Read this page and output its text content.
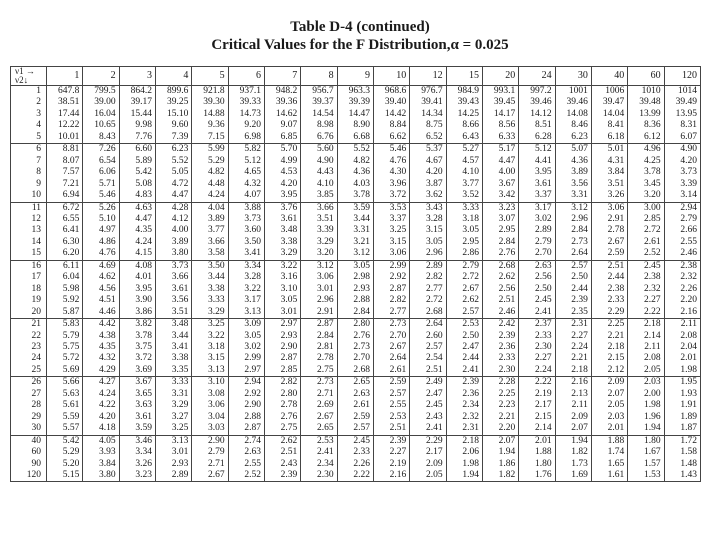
Table D-4 (continued)
Critical Values for the F Distribution,α = 0.025
ν1 →
ν2↓	1	2	3	4	5	6	7	8	9	10	12	15	20	24	30	40	60	120
1	647.8	799.5	864.2	899.6	921.8	937.1	948.2	956.7	963.3	968.6	976.7	984.9	993.1	997.2	1001	1006	1010	1014
2	38.51	39.00	39.17	39.25	39.30	39.33	39.36	39.37	39.39	39.40	39.41	39.43	39.45	39.46	39.46	39.47	39.48	39.49
3	17.44	16.04	15.44	15.10	14.88	14.73	14.62	14.54	14.47	14.42	14.34	14.25	14.17	14.12	14.08	14.04	13.99	13.95
4	12.22	10.65	9.98	9.60	9.36	9.20	9.07	8.98	8.90	8.84	8.75	8.66	8.56	8.51	8.46	8.41	8.36	8.31
5	10.01	8.43	7.76	7.39	7.15	6.98	6.85	6.76	6.68	6.62	6.52	6.43	6.33	6.28	6.23	6.18	6.12	6.07
6	8.81	7.26	6.60	6.23	5.99	5.82	5.70	5.60	5.52	5.46	5.37	5.27	5.17	5.12	5.07	5.01	4.96	4.90
7	8.07	6.54	5.89	5.52	5.29	5.12	4.99	4.90	4.82	4.76	4.67	4.57	4.47	4.41	4.36	4.31	4.25	4.20
8	7.57	6.06	5.42	5.05	4.82	4.65	4.53	4.43	4.36	4.30	4.20	4.10	4.00	3.95	3.89	3.84	3.78	3.73
9	7.21	5.71	5.08	4.72	4.48	4.32	4.20	4.10	4.03	3.96	3.87	3.77	3.67	3.61	3.56	3.51	3.45	3.39
10	6.94	5.46	4.83	4.47	4.24	4.07	3.95	3.85	3.78	3.72	3.62	3.52	3.42	3.37	3.31	3.26	3.20	3.14
11	6.72	5.26	4.63	4.28	4.04	3.88	3.76	3.66	3.59	3.53	3.43	3.33	3.23	3.17	3.12	3.06	3.00	2.94
12	6.55	5.10	4.47	4.12	3.89	3.73	3.61	3.51	3.44	3.37	3.28	3.18	3.07	3.02	2.96	2.91	2.85	2.79
13	6.41	4.97	4.35	4.00	3.77	3.60	3.48	3.39	3.31	3.25	3.15	3.05	2.95	2.89	2.84	2.78	2.72	2.66
14	6.30	4.86	4.24	3.89	3.66	3.50	3.38	3.29	3.21	3.15	3.05	2.95	2.84	2.79	2.73	2.67	2.61	2.55
15	6.20	4.76	4.15	3.80	3.58	3.41	3.29	3.20	3.12	3.06	2.96	2.86	2.76	2.70	2.64	2.59	2.52	2.46
16	6.11	4.69	4.08	3.73	3.50	3.34	3.22	3.12	3.05	2.99	2.89	2.79	2.68	2.63	2.57	2.51	2.45	2.38
17	6.04	4.62	4.01	3.66	3.44	3.28	3.16	3.06	2.98	2.92	2.82	2.72	2.62	2.56	2.50	2.44	2.38	2.32
18	5.98	4.56	3.95	3.61	3.38	3.22	3.10	3.01	2.93	2.87	2.77	2.67	2.56	2.50	2.44	2.38	2.32	2.26
19	5.92	4.51	3.90	3.56	3.33	3.17	3.05	2.96	2.88	2.82	2.72	2.62	2.51	2.45	2.39	2.33	2.27	2.20
20	5.87	4.46	3.86	3.51	3.29	3.13	3.01	2.91	2.84	2.77	2.68	2.57	2.46	2.41	2.35	2.29	2.22	2.16
21	5.83	4.42	3.82	3.48	3.25	3.09	2.97	2.87	2.80	2.73	2.64	2.53	2.42	2.37	2.31	2.25	2.18	2.11
22	5.79	4.38	3.78	3.44	3.22	3.05	2.93	2.84	2.76	2.70	2.60	2.50	2.39	2.33	2.27	2.21	2.14	2.08
23	5.75	4.35	3.75	3.41	3.18	3.02	2.90	2.81	2.73	2.67	2.57	2.47	2.36	2.30	2.24	2.18	2.11	2.04
24	5.72	4.32	3.72	3.38	3.15	2.99	2.87	2.78	2.70	2.64	2.54	2.44	2.33	2.27	2.21	2.15	2.08	2.01
25	5.69	4.29	3.69	3.35	3.13	2.97	2.85	2.75	2.68	2.61	2.51	2.41	2.30	2.24	2.18	2.12	2.05	1.98
26	5.66	4.27	3.67	3.33	3.10	2.94	2.82	2.73	2.65	2.59	2.49	2.39	2.28	2.22	2.16	2.09	2.03	1.95
27	5.63	4.24	3.65	3.31	3.08	2.92	2.80	2.71	2.63	2.57	2.47	2.36	2.25	2.19	2.13	2.07	2.00	1.93
28	5.61	4.22	3.63	3.29	3.06	2.90	2.78	2.69	2.61	2.55	2.45	2.34	2.23	2.17	2.11	2.05	1.98	1.91
29	5.59	4.20	3.61	3.27	3.04	2.88	2.76	2.67	2.59	2.53	2.43	2.32	2.21	2.15	2.09	2.03	1.96	1.89
30	5.57	4.18	3.59	3.25	3.03	2.87	2.75	2.65	2.57	2.51	2.41	2.31	2.20	2.14	2.07	2.01	1.94	1.87
40	5.42	4.05	3.46	3.13	2.90	2.74	2.62	2.53	2.45	2.39	2.29	2.18	2.07	2.01	1.94	1.88	1.80	1.72
60	5.29	3.93	3.34	3.01	2.79	2.63	2.51	2.41	2.33	2.27	2.17	2.06	1.94	1.88	1.82	1.74	1.67	1.58
90	5.20	3.84	3.26	2.93	2.71	2.55	2.43	2.34	2.26	2.19	2.09	1.98	1.86	1.80	1.73	1.65	1.57	1.48
120	5.15	3.80	3.23	2.89	2.67	2.52	2.39	2.30	2.22	2.16	2.05	1.94	1.82	1.76	1.69	1.61	1.53	1.43
